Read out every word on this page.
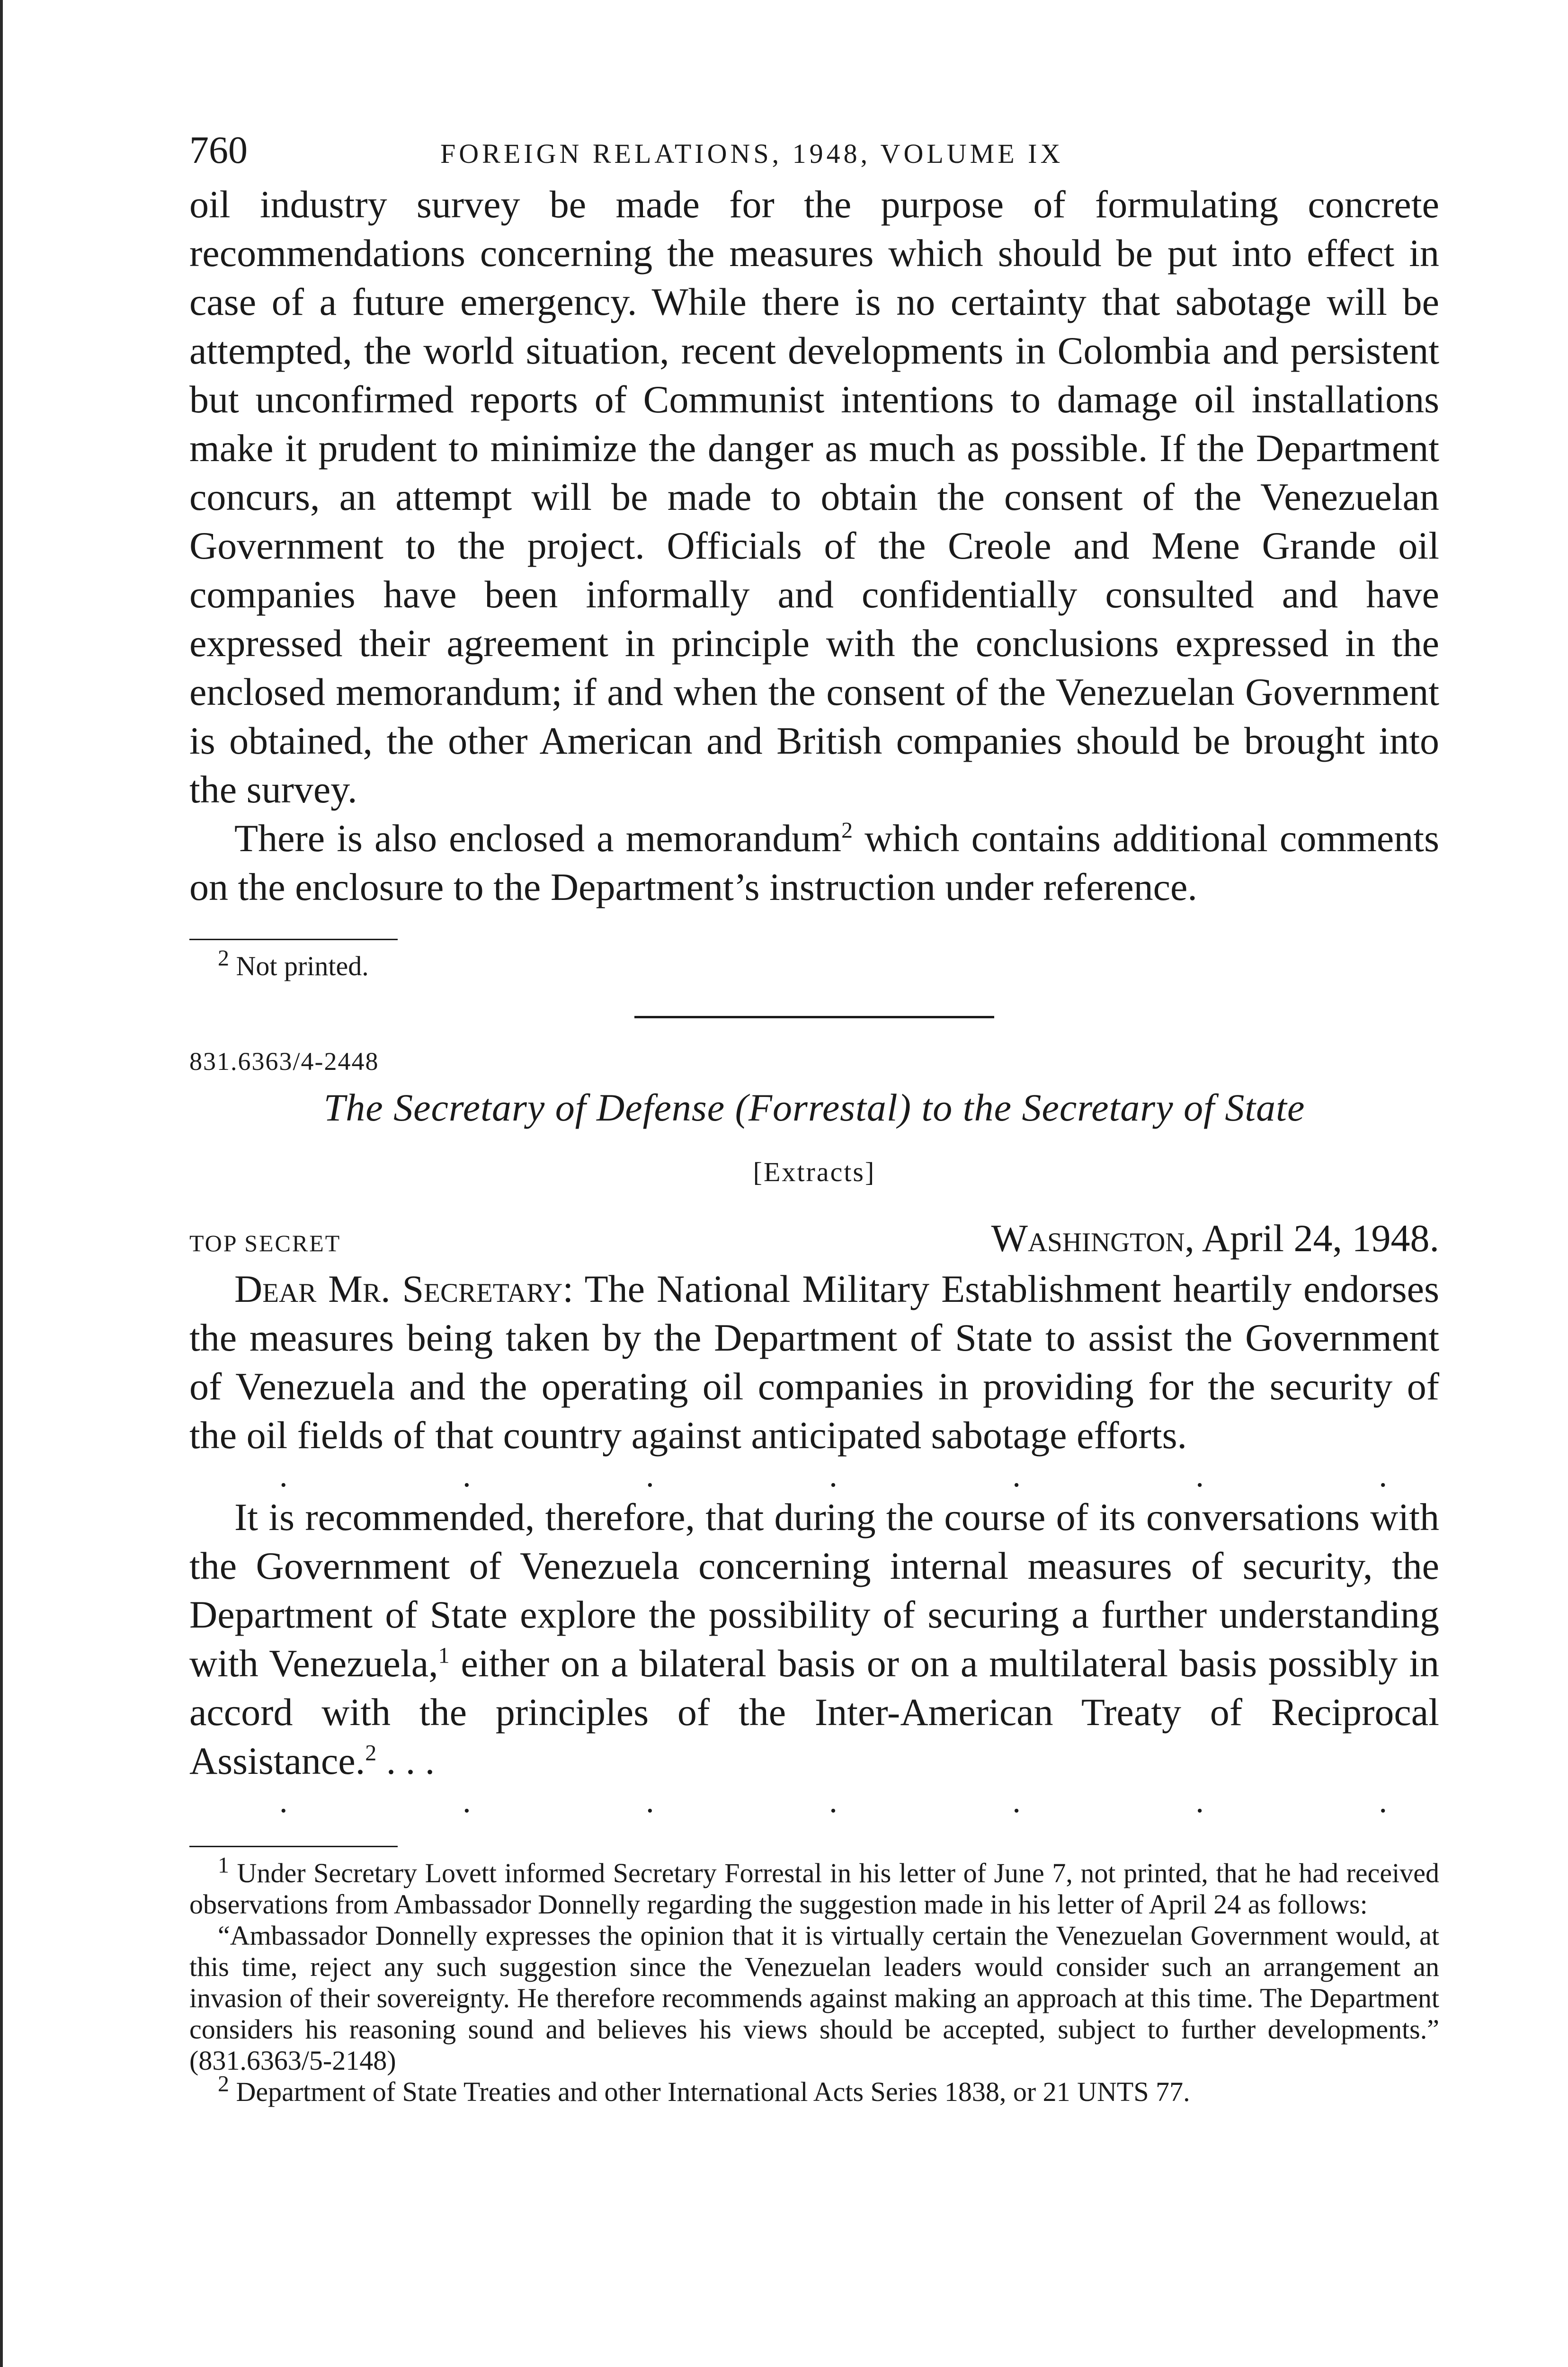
760	FOREIGN RELATIONS, 1948, VOLUME IX

oil industry survey be made for the purpose of formulating concrete recommendations concerning the measures which should be put into effect in case of a future emergency. While there is no certainty that sabotage will be attempted, the world situation, recent developments in Colombia and persistent but unconfirmed reports of Communist intentions to damage oil installations make it prudent to minimize the danger as much as possible. If the Department concurs, an attempt will be made to obtain the consent of the Venezuelan Government to the project. Officials of the Creole and Mene Grande oil companies have been informally and confidentially consulted and have expressed their agreement in principle with the conclusions expressed in the enclosed memorandum; if and when the consent of the Venezuelan Government is obtained, the other American and British companies should be brought into the survey.

There is also enclosed a memorandum$^2$ which contains additional comments on the enclosure to the Department’s instruction under reference.

$^2$ Not printed.

831.6363/4-2448

The Secretary of Defense (Forrestal) to the Secretary of State

[Extracts]

TOP SECRET	Washington, April 24, 1948.

Dear Mr. Secretary: The National Military Establishment heartily endorses the measures being taken by the Department of State to assist the Government of Venezuela and the operating oil companies in providing for the security of the oil fields of that country against anticipated sabotage efforts.

.	.	.	.	.	.	.

It is recommended, therefore, that during the course of its conversations with the Government of Venezuela concerning internal measures of security, the Department of State explore the possibility of securing a further understanding with Venezuela,$^1$ either on a bilateral basis or on a multilateral basis possibly in accord with the principles of the Inter-American Treaty of Reciprocal Assistance.$^2$ . . .

.	.	.	.	.	.	.

$^1$ Under Secretary Lovett informed Secretary Forrestal in his letter of June 7, not printed, that he had received observations from Ambassador Donnelly regarding the suggestion made in his letter of April 24 as follows:

“Ambassador Donnelly expresses the opinion that it is virtually certain the Venezuelan Government would, at this time, reject any such suggestion since the Venezuelan leaders would consider such an arrangement an invasion of their sovereignty. He therefore recommends against making an approach at this time. The Department considers his reasoning sound and believes his views should be accepted, subject to further developments.” (831.6363/5-2148)

$^2$ Department of State Treaties and other International Acts Series 1838, or 21 UNTS 77.
